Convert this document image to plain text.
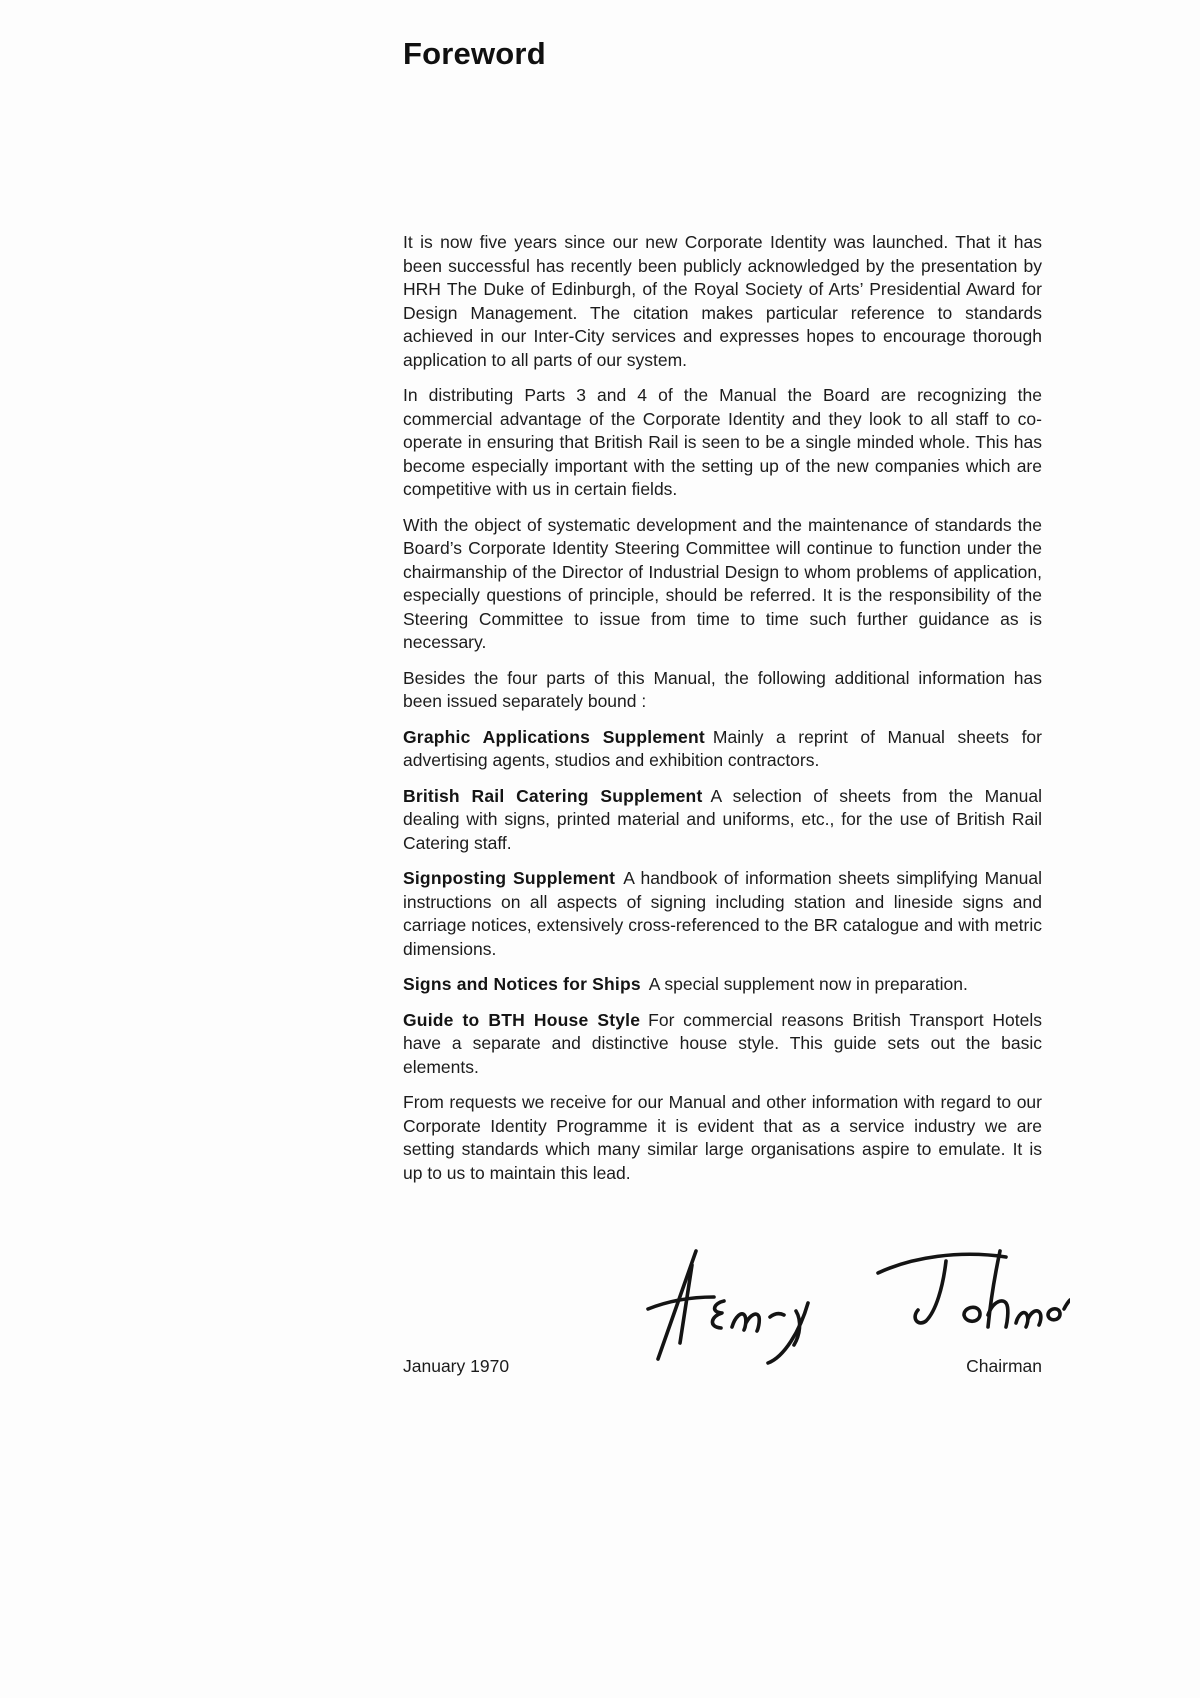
Foreword

It is now five years since our new Corporate Identity was launched. That it has been successful has recently been publicly acknowledged by the presentation by HRH The Duke of Edinburgh, of the Royal Society of Arts’ Presidential Award for Design Management. The citation makes particular reference to standards achieved in our Inter-City services and expresses hopes to encourage thorough application to all parts of our system.

In distributing Parts 3 and 4 of the Manual the Board are recognizing the commercial advantage of the Corporate Identity and they look to all staff to co-operate in ensuring that British Rail is seen to be a single minded whole. This has become especially important with the setting up of the new companies which are competitive with us in certain fields.

With the object of systematic development and the maintenance of standards the Board’s Corporate Identity Steering Committee will continue to function under the chairmanship of the Director of Industrial Design to whom problems of application, especially questions of principle, should be referred. It is the responsibility of the Steering Committee to issue from time to time such further guidance as is necessary.

Besides the four parts of this Manual, the following additional information has been issued separately bound :

Graphic Applications Supplement Mainly a reprint of Manual sheets for advertising agents, studios and exhibition contractors.

British Rail Catering Supplement A selection of sheets from the Manual dealing with signs, printed material and uniforms, etc., for the use of British Rail Catering staff.

Signposting Supplement A handbook of information sheets simplifying Manual instructions on all aspects of signing including station and lineside signs and carriage notices, extensively cross-referenced to the BR catalogue and with metric dimensions.

Signs and Notices for Ships A special supplement now in preparation.

Guide to BTH House Style For commercial reasons British Transport Hotels have a separate and distinctive house style. This guide sets out the basic elements.

From requests we receive for our Manual and other information with regard to our Corporate Identity Programme it is evident that as a service industry we are setting standards which many similar large organisations aspire to emulate. It is up to us to maintain this lead.

January 1970	Chairman
